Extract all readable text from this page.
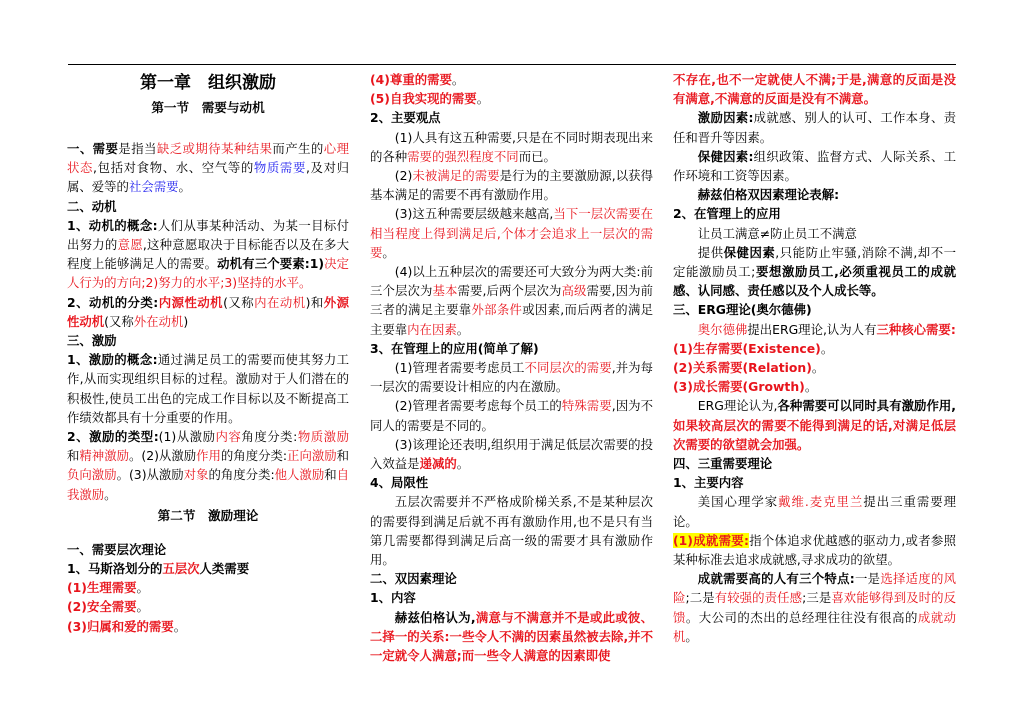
第一章　组织激励
第一节　需要与动机

一、需要是指当缺乏或期待某种结果而产生的心理状态,包括对食物、水、空气等的物质需要,及对归属、爱等的社会需要。

二、动机

1、动机的概念:人们从事某种活动、为某一目标付出努力的意愿,这种意愿取决于目标能否以及在多大程度上能够满足人的需要。动机有三个要素:1)决定人行为的方向;2)努力的水平;3)坚持的水平。

2、动机的分类:内源性动机(又称内在动机)和外源性动机(又称外在动机)

三、激励

1、激励的概念:通过满足员工的需要而使其努力工作,从而实现组织目标的过程。激励对于人们潜在的积极性,使员工出色的完成工作目标以及不断提高工作绩效都具有十分重要的作用。

2、激励的类型:(1)从激励内容角度分类:物质激励和精神激励。(2)从激励作用的角度分类:正向激励和负向激励。(3)从激励对象的角度分类:他人激励和自我激励。

第二节　激励理论

一、需要层次理论

1、马斯洛划分的五层次人类需要

(1)生理需要。

(2)安全需要。

(3)归属和爱的需要。

(4)尊重的需要。

(5)自我实现的需要。

2、主要观点

(1)人具有这五种需要,只是在不同时期表现出来的各种需要的强烈程度不同而已。

(2)未被满足的需要是行为的主要激励源,以获得基本满足的需要不再有激励作用。

(3)这五种需要层级越来越高,当下一层次需要在相当程度上得到满足后,个体才会追求上一层次的需要。

(4)以上五种层次的需要还可大致分为两大类:前三个层次为基本需要,后两个层次为高级需要,因为前三者的满足主要靠外部条件或因素,而后两者的满足主要靠内在因素。

3、在管理上的应用(简单了解)

(1)管理者需要考虑员工不同层次的需要,并为每一层次的需要设计相应的内在激励。

(2)管理者需要考虑每个员工的特殊需要,因为不同人的需要是不同的。

(3)该理论还表明,组织用于满足低层次需要的投入效益是递减的。

4、局限性

五层次需要并不严格成阶梯关系,不是某种层次的需要得到满足后就不再有激励作用,也不是只有当第几需要都得到满足后高一级的需要才具有激励作用。

二、双因素理论

1、内容

赫兹伯格认为,满意与不满意并不是或此或彼、二择一的关系:一些令人不满的因素虽然被去除,并不一定就令人满意;而一些令人满意的因素即使

不存在,也不一定就使人不满;于是,满意的反面是没有满意,不满意的反面是没有不满意。

激励因素:成就感、别人的认可、工作本身、责任和晋升等因素。

保健因素:组织政策、监督方式、人际关系、工作环境和工资等因素。

赫兹伯格双因素理论表解:

2、在管理上的应用

让员工满意≠防止员工不满意

提供保健因素,只能防止牢骚,消除不满,却不一定能激励员工;要想激励员工,必须重视员工的成就感、认同感、责任感以及个人成长等。

三、ERG理论(奥尔德佛)

奥尔德佛提出ERG理论,认为人有三种核心需要:

(1)生存需要(Existence)。

(2)关系需要(Relation)。

(3)成长需要(Growth)。

ERG理论认为,各种需要可以同时具有激励作用,如果较高层次的需要不能得到满足的话,对满足低层次需要的欲望就会加强。

四、三重需要理论

1、主要内容

美国心理学家戴维.麦克里兰提出三重需要理论。

(1)成就需要:指个体追求优越感的驱动力,或者参照某种标准去追求成就感,寻求成功的欲望。

成就需要高的人有三个特点:一是选择适度的风险;二是有较强的责任感;三是喜欢能够得到及时的反馈。大公司的杰出的总经理往往没有很高的成就动机。
